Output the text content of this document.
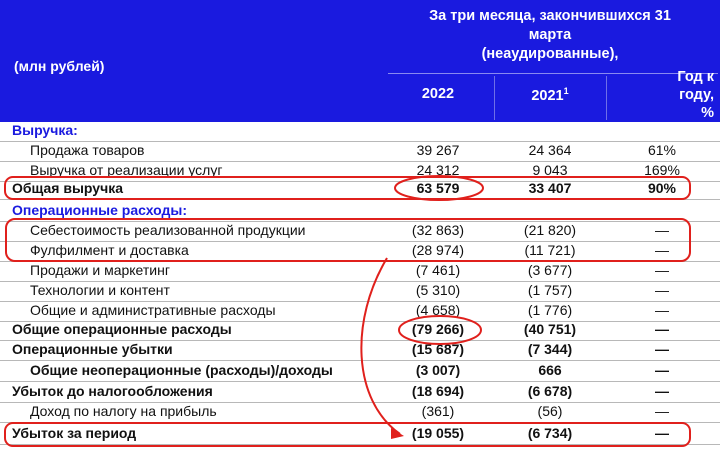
(млн рублей)
За три месяца, закончившихся 31
марта
(неаудированные),
2022	2021$^1$
Год к
году,
%
Выручка:
Продажа товаров	39 267	24 364	61%
Выручка от реализации услуг	24 312	9 043	169%
Общая выручка	63 579	33 407	90%
Операционные расходы:
Себестоимость реализованной продукции	(32 863)	(21 820)	—
Фулфилмент и доставка	(28 974)	(11 721)	—
Продажи и маркетинг	(7 461)	(3 677)	—
Технологии и контент	(5 310)	(1 757)	—
Общие и административные расходы	(4 658)	(1 776)	—
Общие операционные расходы	(79 266)	(40 751)	—
Операционные убытки	(15 687)	(7 344)	—
Общие неоперационные (расходы)/доходы	(3 007)	666	—
Убыток до налогообложения	(18 694)	(6 678)	—
Доход по налогу на прибыль	(361)	(56)	—
Убыток за период	(19 055)	(6 734)	—
